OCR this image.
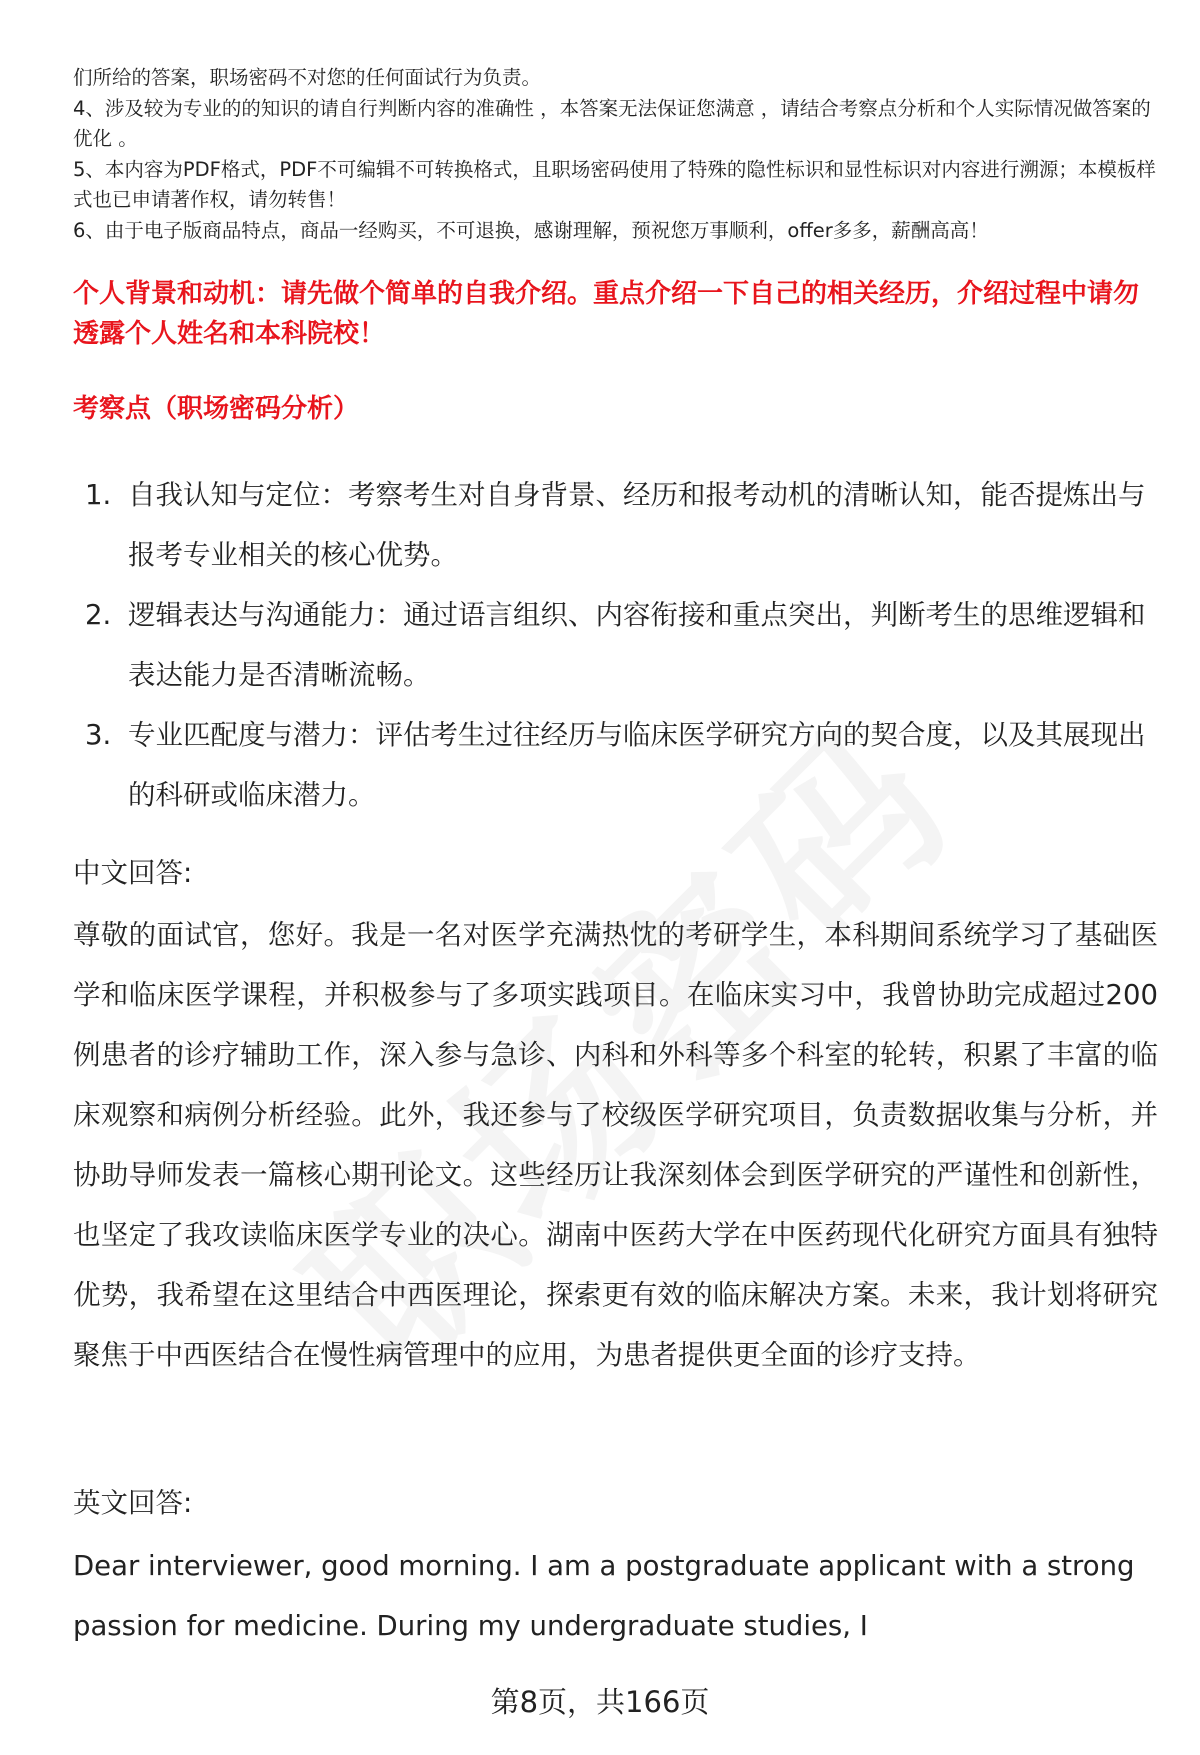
们所给的答案，职场密码不对您的任何面试行为负责。

4、涉及较为专业的的知识的请自行判断内容的准确性 ，本答案无法保证您满意 ，请结合考察点分析和个人实际情况做答案的优化 。

5、本内容为PDF格式，PDF不可编辑不可转换格式，且职场密码使用了特殊的隐性标识和显性标识对内容进行溯源；本模板样式也已申请著作权，请勿转售！

6、由于电子版商品特点，商品一经购买，不可退换，感谢理解，预祝您万事顺利，offer多多，薪酬高高！

个人背景和动机：请先做个简单的自我介绍。重点介绍一下自己的相关经历，介绍过程中请勿透露个人姓名和本科院校！
考察点（职场密码分析）
1. 自我认知与定位：考察考生对自身背景、经历和报考动机的清晰认知，能否提炼出与报考专业相关的核心优势。
2. 逻辑表达与沟通能力：通过语言组织、内容衔接和重点突出，判断考生的思维逻辑和表达能力是否清晰流畅。
3. 专业匹配度与潜力：评估考生过往经历与临床医学研究方向的契合度，以及其展现出的科研或临床潜力。
中文回答:

尊敬的面试官，您好。我是一名对医学充满热忱的考研学生，本科期间系统学习了基础医学和临床医学课程，并积极参与了多项实践项目。在临床实习中，我曾协助完成超过200例患者的诊疗辅助工作，深入参与急诊、内科和外科等多个科室的轮转，积累了丰富的临床观察和病例分析经验。此外，我还参与了校级医学研究项目，负责数据收集与分析，并协助导师发表一篇核心期刊论文。这些经历让我深刻体会到医学研究的严谨性和创新性，也坚定了我攻读临床医学专业的决心。湖南中医药大学在中医药现代化研究方面具有独特优势，我希望在这里结合中西医理论，探索更有效的临床解决方案。未来，我计划将研究聚焦于中西医结合在慢性病管理中的应用，为患者提供更全面的诊疗支持。

英文回答:

Dear interviewer, good morning. I am a postgraduate applicant with a strong passion for medicine. During my undergraduate studies, I

第8页，共166页
